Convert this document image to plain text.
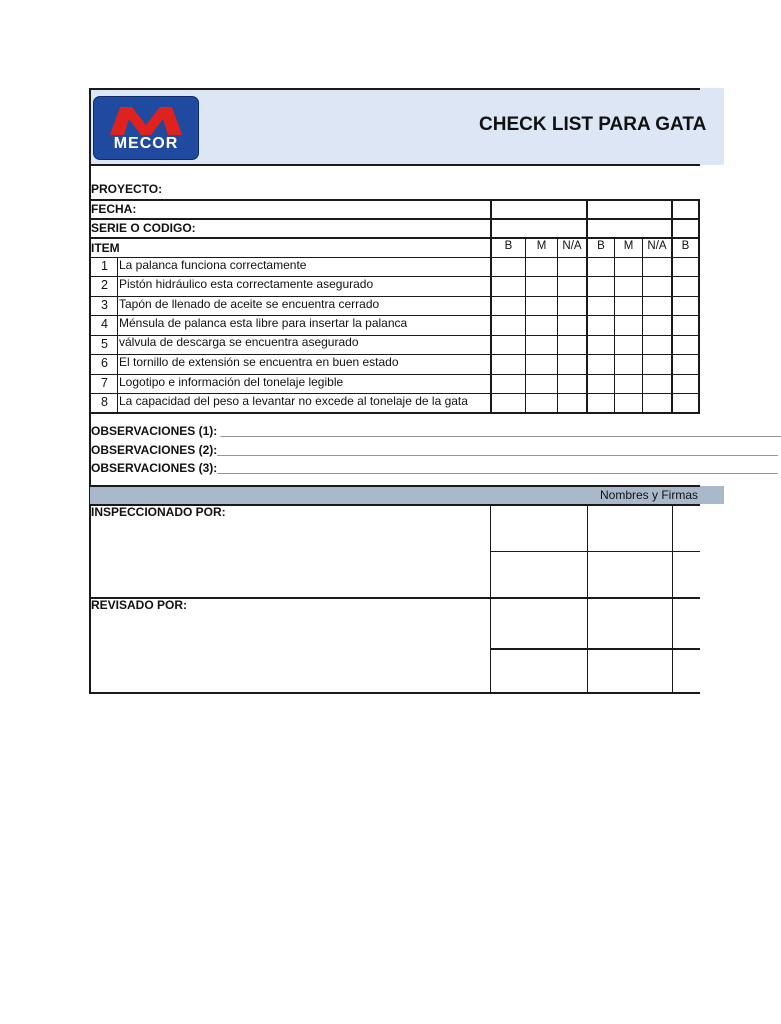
MECOR
CHECK LIST PARA GATA
PROYECTO:
FECHA:
SERIE O CODIGO:
ITEM	B	M	N/A	B	M	N/A	B
1 La palanca funciona correctamente
2 Pistón hidráulico esta correctamente asegurado
3 Tapón de llenado de aceite se encuentra cerrado
4 Ménsula de palanca esta libre para insertar la palanca
5 válvula de descarga se encuentra asegurado
6 El tornillo de extensión se encuentra en buen estado
7 Logotipo e información del tonelaje legible
8 La capacidad del peso a levantar no excede al tonelaje de la gata
OBSERVACIONES (1): ____________________________________________________________________________________
OBSERVACIONES (2):____________________________________________________________________________________
OBSERVACIONES (3):____________________________________________________________________________________
Nombres y Firmas
INSPECCIONADO POR:
REVISADO POR:
